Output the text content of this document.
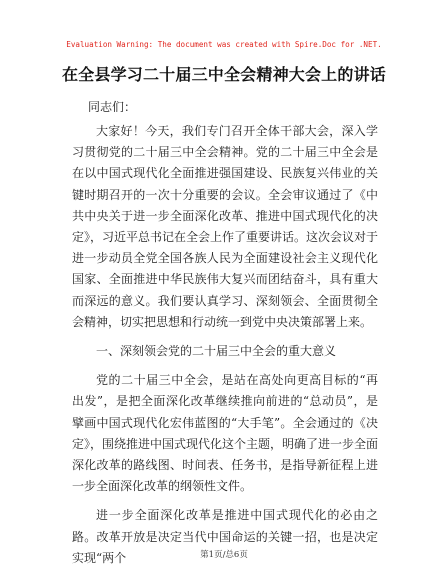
Evaluation Warning: The document was created with Spire.Doc for .NET.
在全县学习二十届三中全会精神大会上的讲话
同志们：

大家好！今天，我们专门召开全体干部大会，深入学习贯彻党的二十届三中全会精神。党的二十届三中全会是在以中国式现代化全面推进强国建设、民族复兴伟业的关键时期召开的一次十分重要的会议。全会审议通过了《中共中央关于进一步全面深化改革、推进中国式现代化的决定》，习近平总书记在全会上作了重要讲话。这次会议对于进一步动员全党全国各族人民为全面建设社会主义现代化国家、全面推进中华民族伟大复兴而团结奋斗，具有重大而深远的意义。我们要认真学习、深刻领会、全面贯彻全会精神，切实把思想和行动统一到党中央决策部署上来。

一、深刻领会党的二十届三中全会的重大意义

党的二十届三中全会，是站在高处向更高目标的“再出发”，是把全面深化改革继续推向前进的“总动员”，是擘画中国式现代化宏伟蓝图的“大手笔”。全会通过的《决定》，围绕推进中国式现代化这个主题，明确了进一步全面深化改革的路线图、时间表、任务书，是指导新征程上进一步全面深化改革的纲领性文件。

进一步全面深化改革是推进中国式现代化的必由之路。改革开放是决定当代中国命运的关键一招，也是决定实现“两个	第1页/总6页
